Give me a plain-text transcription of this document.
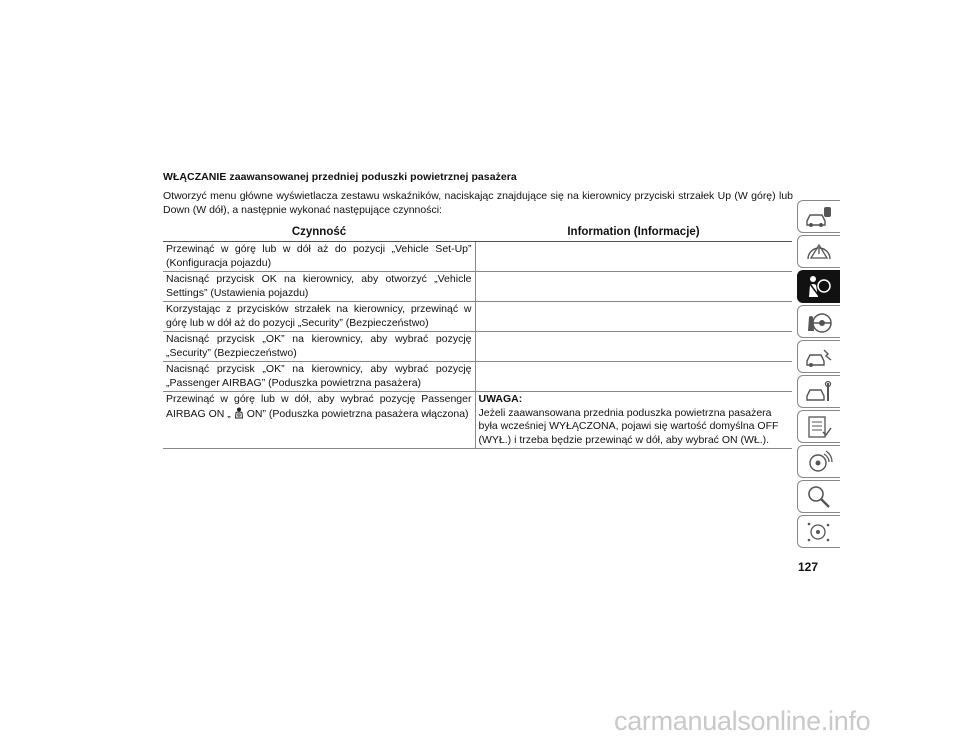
WŁĄCZANIE zaawansowanej przedniej poduszki powietrznej pasażera
Otworzyć menu główne wyświetlacza zestawu wskaźników, naciskając znajdujące się na kierownicy przyciski strzałek Up (W górę) lub Down (W dół), a następnie wykonać następujące czynności:
Czynność	Information (Informacje)
Przewinąć w górę lub w dół aż do pozycji „Vehicle Set-Up” (Konfiguracja pojazdu)	
Nacisnąć przycisk OK na kierownicy, aby otworzyć „Vehicle Settings” (Ustawienia pojazdu)	
Korzystając z przycisków strzałek na kierownicy, przewinąć w górę lub w dół aż do pozycji „Security” (Bezpieczeństwo)	
Nacisnąć przycisk „OK” na kierownicy, aby wybrać pozycję „Security” (Bezpieczeństwo)	
Nacisnąć przycisk „OK” na kierownicy, aby wybrać pozycję „Passenger AIRBAG” (Poduszka powietrzna pasażera)	
Przewinąć w górę lub w dół, aby wybrać pozycję Passenger AIRBAG ON „ ON” (Poduszka powietrzna pasażera włączona)	UWAGA:
Jeżeli zaawansowana przednia poduszka powietrzna pasażera była wcześniej WYŁĄCZONA, pojawi się wartość domyślna OFF (WYŁ.) i trzeba będzie przewinąć w dół, aby wybrać ON (WŁ.).
127
carmanualsonline.info
